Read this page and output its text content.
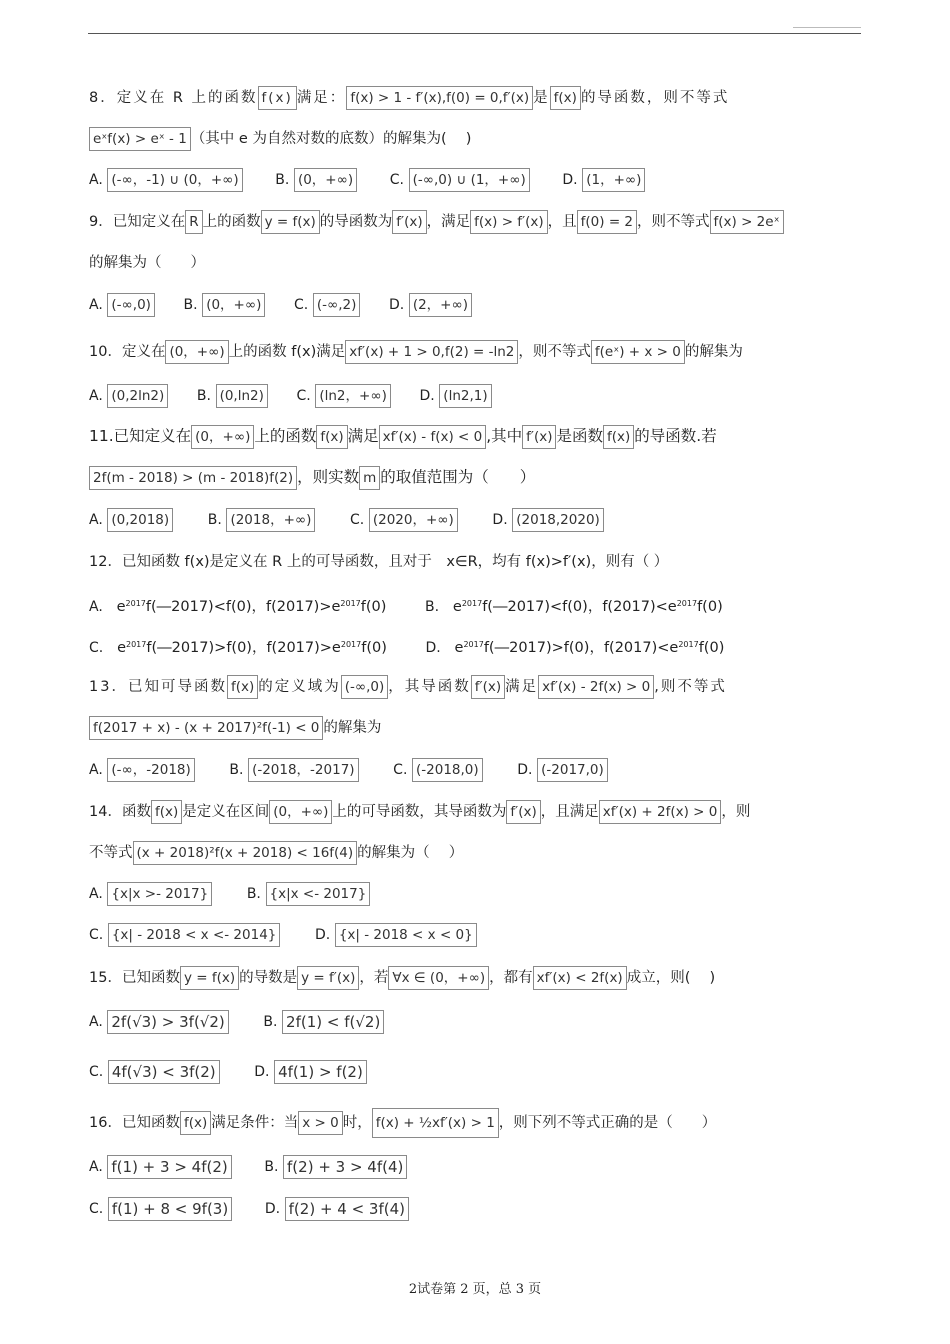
8．定义在 R 上的函数 f(x) 满足： f(x) > 1 - f′(x),f(0) = 0,f′(x) 是 f(x) 的导函数，则不等式
eˣf(x) > eˣ - 1 （其中 e 为自然对数的底数）的解集为(　 )
A. (-∞，-1) ∪ (0，+∞)	B. (0，+∞)	C. (-∞,0) ∪ (1，+∞)	D. (1，+∞)
9．已知定义在 R 上的函数 y = f(x) 的导函数为 f′(x) ，满足 f(x) > f′(x) ，且 f(0) = 2 ，则不等式 f(x) > 2eˣ
的解集为（　　）
A. (-∞,0) B. (0，+∞) C. (-∞,2) D. (2，+∞)
10．定义在 (0，+∞) 上的函数 f(x)满足 xf′(x) + 1 > 0,f(2) = -ln2 ，则不等式 f(eˣ) + x > 0 的解集为
A. (0,2ln2) B. (0,ln2) C. (ln2，+∞) D. (ln2,1)
11.已知定义在 (0，+∞) 上的函数 f(x) 满足 xf′(x) - f(x) < 0 ,其中 f′(x) 是函数 f(x) 的导函数.若
2f(m - 2018) > (m - 2018)f(2) ，则实数 m 的取值范围为（　　）
A. (0,2018)	B. (2018，+∞)	C. (2020，+∞)	D. (2018,2020)
12．已知函数 f(x)是定义在 R 上的可导函数，且对于　x∈R，均有 f(x)>f′(x)，则有（ ）
A. $e^{2017}f(―2017)<f(0)$，$f(2017)>e^{2017}f(0)$	B. $e^{2017}f(―2017)<f(0)$，$f(2017)<e^{2017}f(0)$
C. $e^{2017}f(―2017)>f(0)$，$f(2017)>e^{2017}f(0)$	D. $e^{2017}f(―2017)>f(0)$，$f(2017)<e^{2017}f(0)$
13．已知可导函数 f(x) 的定义域为 (-∞,0) ，其导函数 f′(x) 满足 xf′(x) - 2f(x) > 0 ,则不等式
f(2017 + x) - (x + 2017)²f(-1) < 0 的解集为
A. (-∞，-2018)	B. (-2018，-2017)	C. (-2018,0)	D. (-2017,0)
14．函数 f(x) 是定义在区间 (0，+∞) 上的可导函数，其导函数为 f′(x) ，且满足 xf′(x) + 2f(x) > 0 ，则
不等式 (x + 2018)²f(x + 2018) < 16f(4) 的解集为（　 ）
A. {x|x >- 2017}	B. {x|x <- 2017}
C. {x| - 2018 < x <- 2014}	D. {x| - 2018 < x < 0}
15．已知函数 y = f(x) 的导数是 y = f′(x) ，若 ∀x ∈ (0，+∞) ，都有 xf′(x) < 2f(x) 成立，则(　 )
A. 2f(√3) > 3f(√2)	B. 2f(1) < f(√2)
C. 4f(√3) < 3f(2)	D. 4f(1) > f(2)
16．已知函数 f(x) 满足条件：当 x > 0 时， f(x) + ½xf′(x) > 1 ，则下列不等式正确的是（　　）
A. f(1) + 3 > 4f(2)	B. f(2) + 3 > 4f(4)
C. f(1) + 8 < 9f(3)	D. f(2) + 4 < 3f(4)
2试卷第 2 页，总 3 页
